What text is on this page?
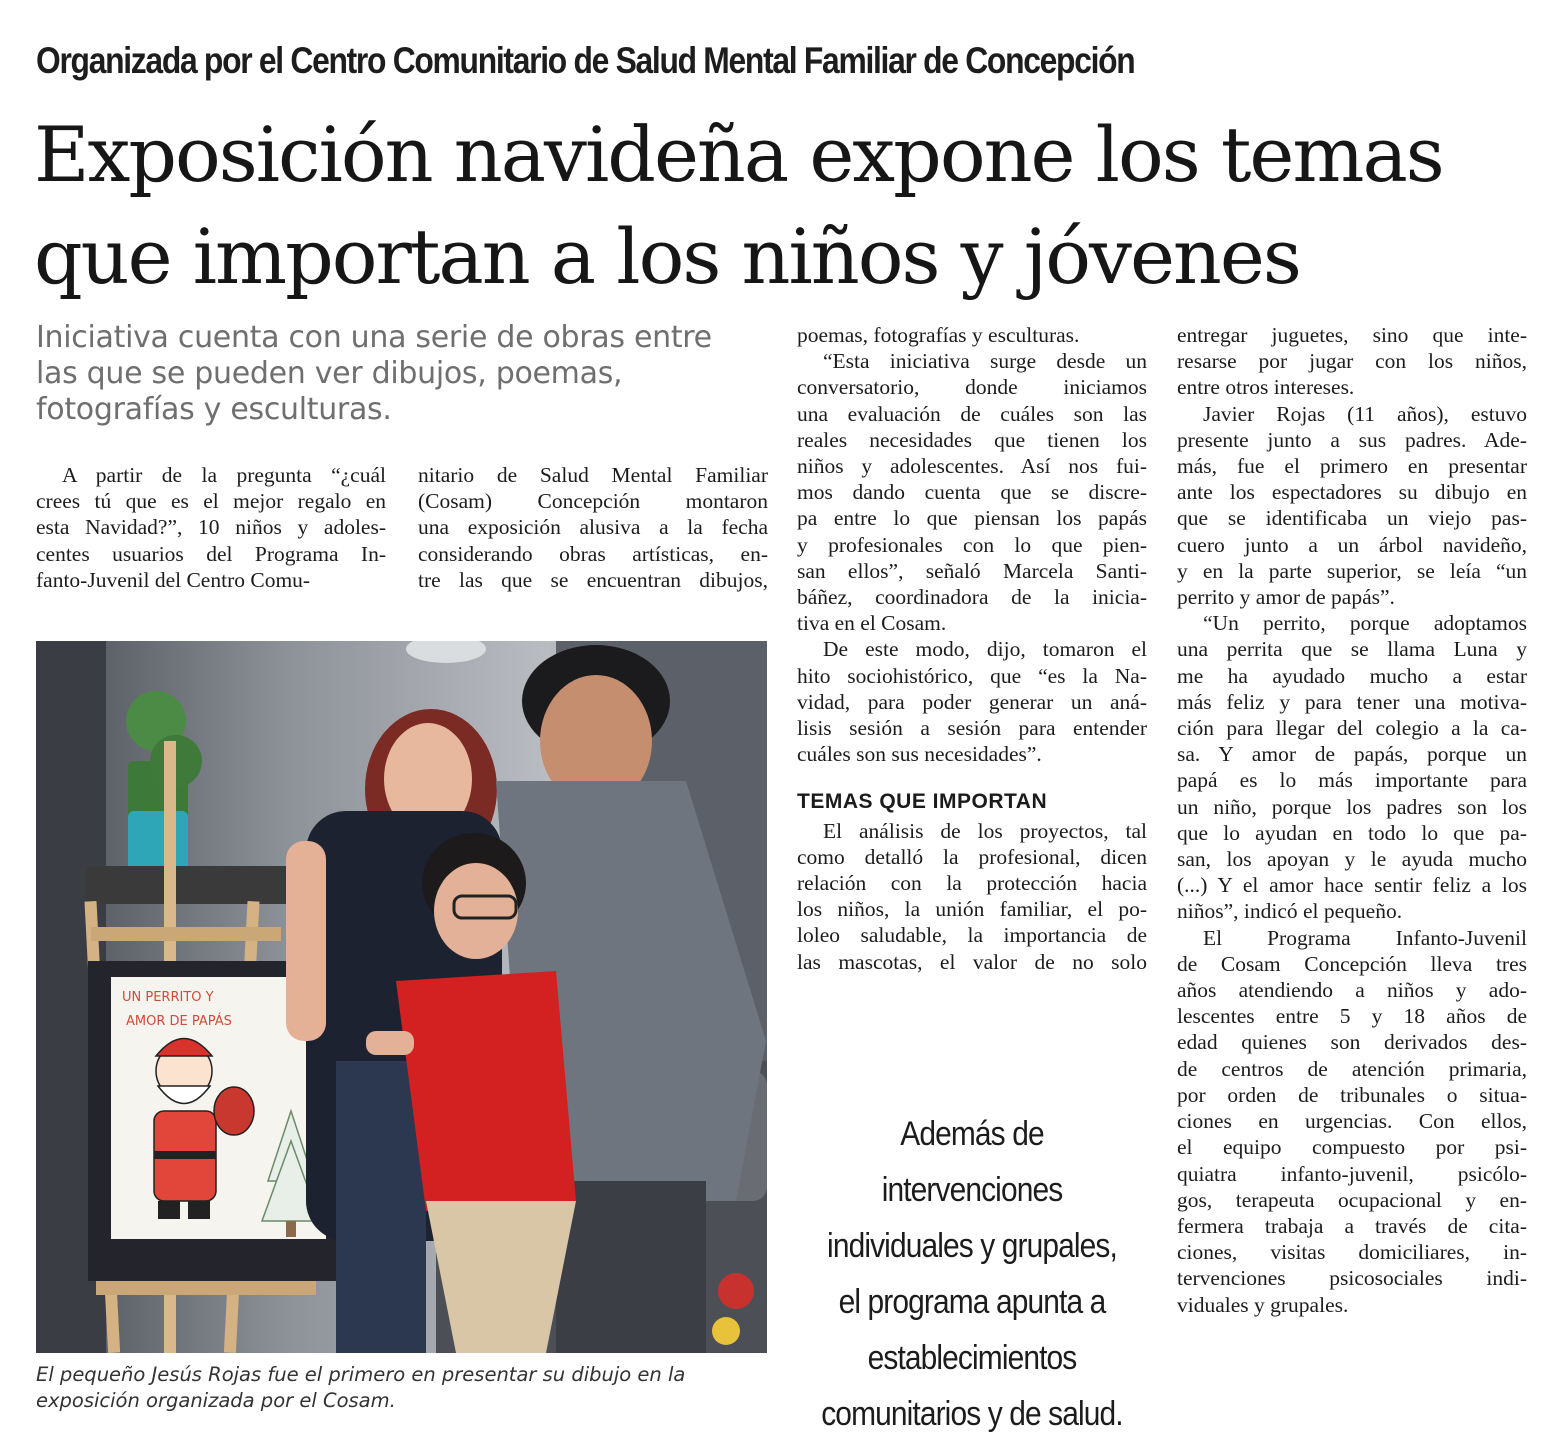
Organizada por el Centro Comunitario de Salud Mental Familiar de Concepción
Exposición navideña expone los temas
que importan a los niños y jóvenes
Iniciativa cuenta con una serie de obras entre
las que se pueden ver dibujos, poemas,
fotografías y esculturas.

A partir de la pregunta “¿cuál
crees tú que es el mejor regalo en
esta Navidad?”, 10 niños y adoles-
centes usuarios del Programa In-
fanto-Juvenil del Centro Comu-

nitario de Salud Mental Familiar
(Cosam) Concepción montaron
una exposición alusiva a la fecha
considerando obras artísticas, en-
tre las que se encuentran dibujos,

poemas, fotografías y esculturas.

“Esta iniciativa surge desde un
conversatorio, donde iniciamos
una evaluación de cuáles son las
reales necesidades que tienen los
niños y adolescentes. Así nos fui-
mos dando cuenta que se discre-
pa entre lo que piensan los papás
y profesionales con lo que pien-
san ellos”, señaló Marcela Santi-
báñez, coordinadora de la inicia-
tiva en el Cosam.

De este modo, dijo, tomaron el
hito sociohistórico, que “es la Na-
vidad, para poder generar un aná-
lisis sesión a sesión para entender
cuáles son sus necesidades”.

TEMAS QUE IMPORTAN

El análisis de los proyectos, tal
como detalló la profesional, dicen
relación con la protección hacia
los niños, la unión familiar, el po-
loleo saludable, la importancia de
las mascotas, el valor de no solo

entregar juguetes, sino que inte-
resarse por jugar con los niños,
entre otros intereses.

Javier Rojas (11 años), estuvo
presente junto a sus padres. Ade-
más, fue el primero en presentar
ante los espectadores su dibujo en
que se identificaba un viejo pas-
cuero junto a un árbol navideño,
y en la parte superior, se leía “un
perrito y amor de papás”.

“Un perrito, porque adoptamos
una perrita que se llama Luna y
me ha ayudado mucho a estar
más feliz y para tener una motiva-
ción para llegar del colegio a la ca-
sa. Y amor de papás, porque un
papá es lo más importante para
un niño, porque los padres son los
que lo ayudan en todo lo que pa-
san, los apoyan y le ayuda mucho
(...) Y el amor hace sentir feliz a los
niños”, indicó el pequeño.

El Programa Infanto-Juvenil
de Cosam Concepción lleva tres
años atendiendo a niños y ado-
lescentes entre 5 y 18 años de
edad quienes son derivados des-
de centros de atención primaria,
por orden de tribunales o situa-
ciones en urgencias. Con ellos,
el equipo compuesto por psi-
quiatra infanto-juvenil, psicólo-
gos, terapeuta ocupacional y en-
fermera trabaja a través de cita-
ciones, visitas domiciliares, in-
tervenciones psicosociales indi-
viduales y grupales.

UN PERRITO Y
AMOR DE PAPÁS
El pequeño Jesús Rojas fue el primero en presentar su dibujo en la
exposición organizada por el Cosam.
Además de
intervenciones
individuales y grupales,
el programa apunta a
establecimientos
comunitarios y de salud.
